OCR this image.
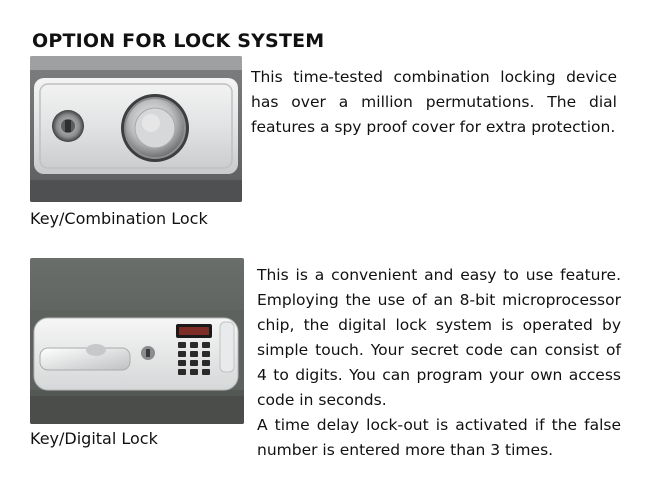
OPTION FOR LOCK SYSTEM
Key/Combination Lock

This time-tested combination locking device has over a million permutations. The dial features a spy proof cover for extra protection.

Key/Digital Lock

This is a convenient and easy to use feature. Employing the use of an 8-bit microprocessor chip, the digital lock system is operated by simple touch. Your secret code can consist of 4 to digits. You can program your own access code in seconds.

A time delay lock-out is activated if the false number is entered more than 3 times.
